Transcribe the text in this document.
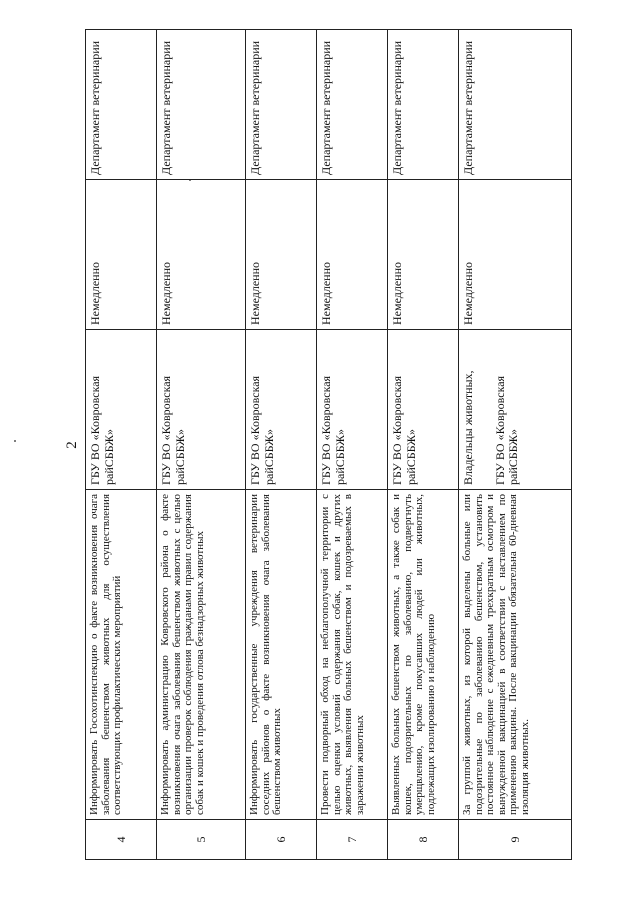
2
4	Информировать Госохотинспекцию о факте возникновения очага заболевания бешенством животных для осуществления соответствующих профилактических мероприятий	ГБУ ВО «Ковровская райСББЖ»	Немедленно	Департамент ветеринарии
5	Информировать администрацию Ковровского района о факте возникновения очага заболевания бешенством животных с целью организации проверок соблюдения гражданами правил содержания собак и кошек и проведения отлова безнадзорных животных	ГБУ ВО «Ковровская райСББЖ»	Немедленно	Департамент ветеринарии
6	Информировать государственные учреждения ветеринарии соседних районов о факте возникновения очага заболевания бешенством животных	ГБУ ВО «Ковровская райСББЖ»	Немедленно	Департамент ветеринарии
7	Провести подворный обход на неблагополучной территории с целью оценки условий содержания собак, кошек и других животных, выявления больных бешенством и подозреваемых в заражении животных	ГБУ ВО «Ковровская райСББЖ»	Немедленно	Департамент ветеринарии
8	Выявленных больных бешенством животных, а также собак и кошек, подозрительных по заболеванию, подвергнуть умерщвлению, кроме покусавших людей или животных, подлежащих изолированию и наблюдению	ГБУ ВО «Ковровская райСББЖ»	Немедленно	Департамент ветеринарии
9	За группой животных, из которой выделены больные или подозрительные по заболеванию бешенством, установить постоянное наблюдение с ежедневным трехкратным осмотром и вынужденной вакцинацией в соответствии с наставлением по применению вакцины. После вакцинации обязательна 60-дневная изоляция животных.	Владельцы животных, ГБУ ВО «Ковровская райСББЖ»	Немедленно	Департамент ветеринарии
